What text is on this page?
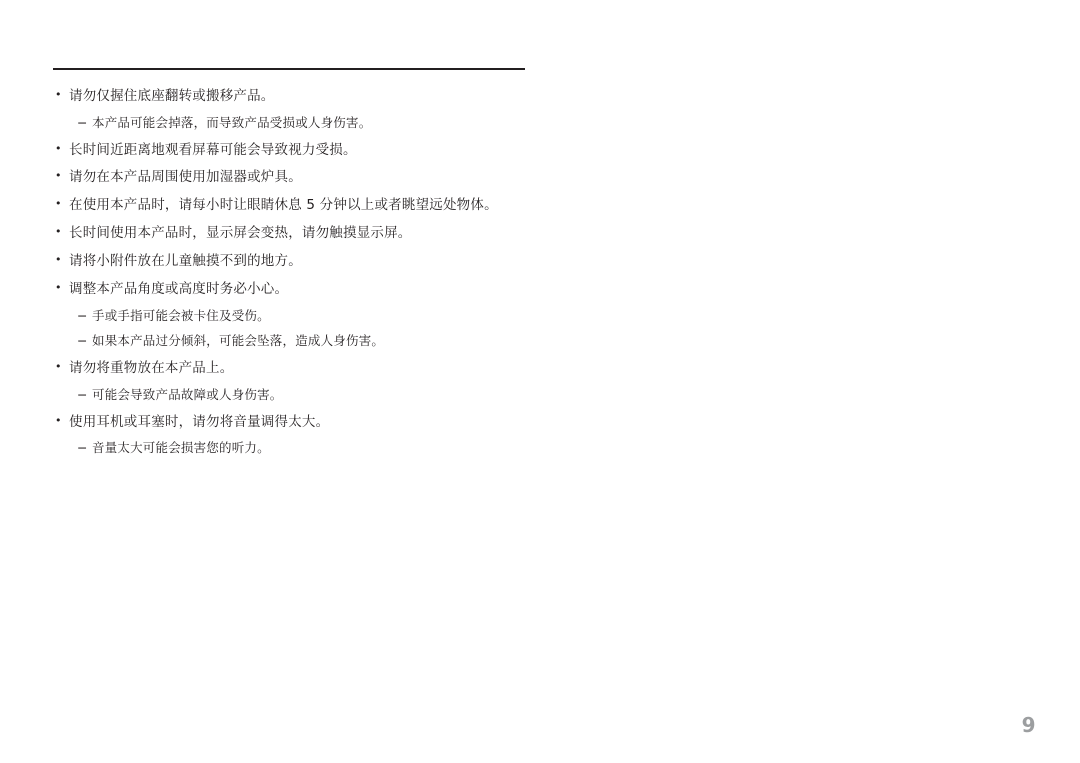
• 请勿仅握住底座翻转或搬移产品。
− 本产品可能会掉落，而导致产品受损或人身伤害。
• 长时间近距离地观看屏幕可能会导致视力受损。
• 请勿在本产品周围使用加湿器或炉具。
• 在使用本产品时，请每小时让眼睛休息 5 分钟以上或者眺望远处物体。
• 长时间使用本产品时，显示屏会变热，请勿触摸显示屏。
• 请将小附件放在儿童触摸不到的地方。
• 调整本产品角度或高度时务必小心。
− 手或手指可能会被卡住及受伤。
− 如果本产品过分倾斜，可能会坠落，造成人身伤害。
• 请勿将重物放在本产品上。
− 可能会导致产品故障或人身伤害。
• 使用耳机或耳塞时，请勿将音量调得太大。
− 音量太大可能会损害您的听力。
9
